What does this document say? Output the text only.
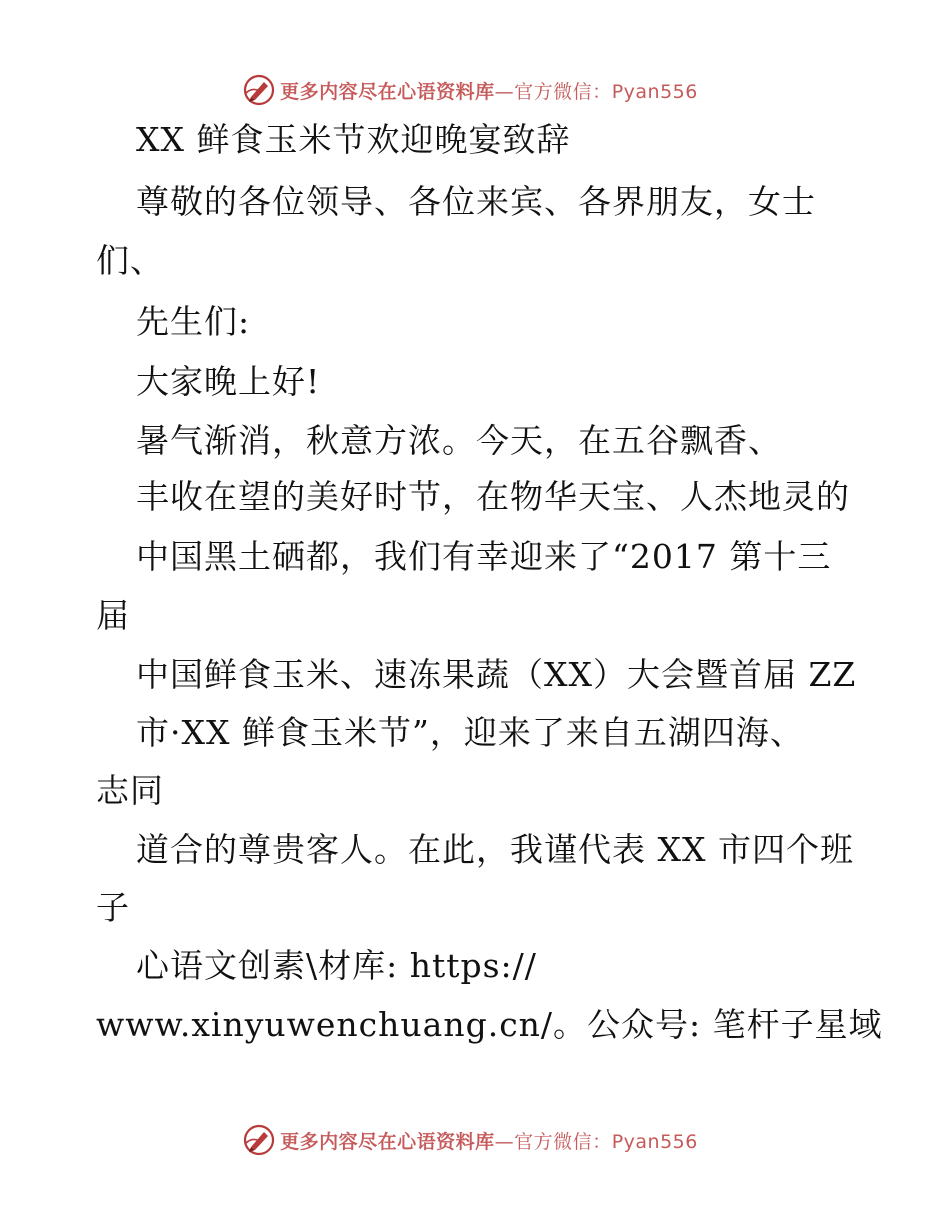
更多内容尽在心语资料库—官方微信：Pyan556
XX 鲜食玉米节欢迎晚宴致辞
尊敬的各位领导、各位来宾、各界朋友，女士
们、
先生们:
大家晚上好!
暑气渐消，秋意方浓。今天，在五谷飘香、
丰收在望的美好时节，在物华天宝、人杰地灵的
中国黑土硒都，我们有幸迎来了“2017 第十三
届
中国鲜食玉米、速冻果蔬（XX）大会暨首届 ZZ
市·XX 鲜食玉米节”，迎来了来自五湖四海、
志同
道合的尊贵客人。在此，我谨代表 XX 市四个班
子
心语文创素\材库: https://
www.xinyuwenchuang.cn/。公众号: 笔杆子星域
更多内容尽在心语资料库—官方微信：Pyan556
